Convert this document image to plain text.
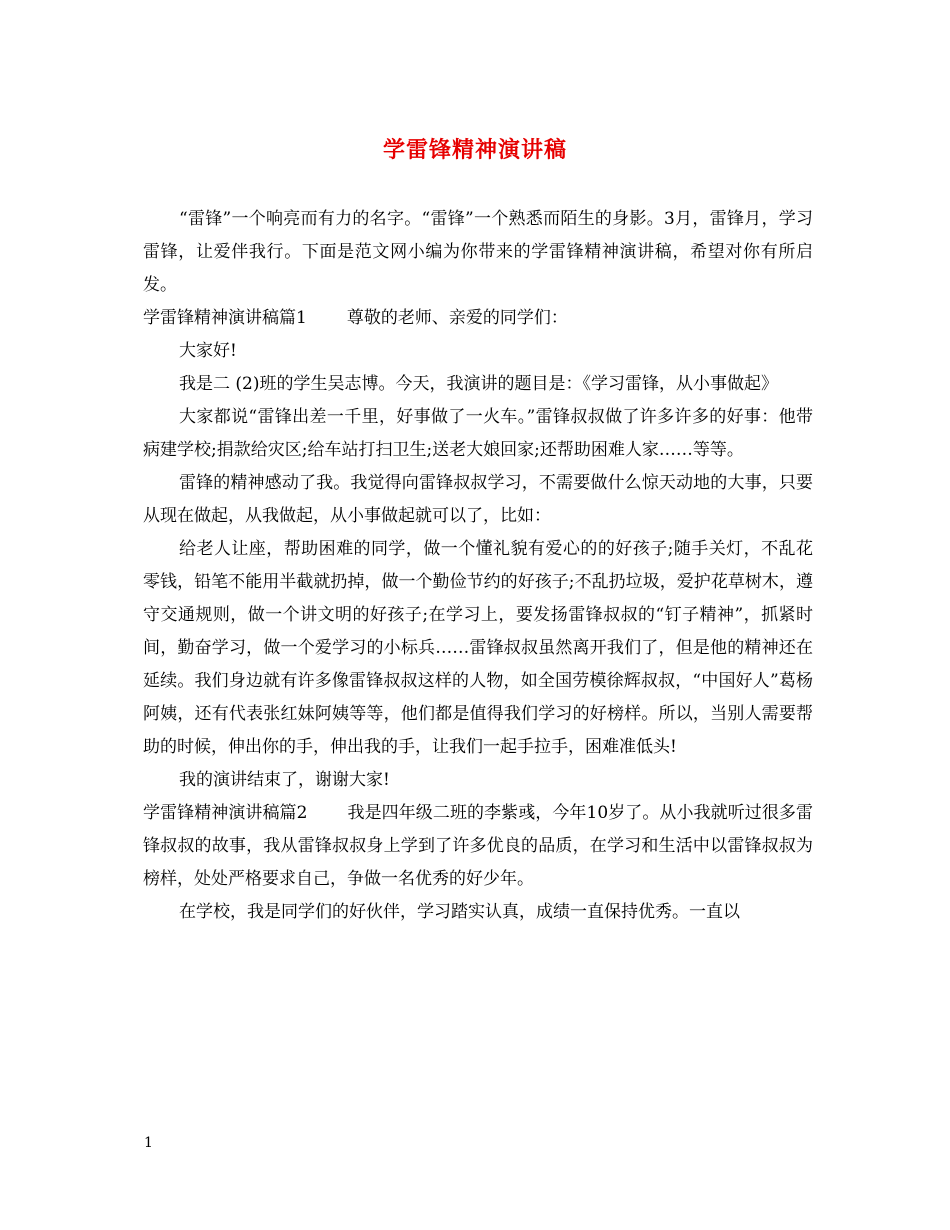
学雷锋精神演讲稿

“雷锋”一个响亮而有力的名字。“雷锋”一个熟悉而陌生的身影。3月，雷锋月，学习雷锋，让爱伴我行。下面是范文网小编为你带来的学雷锋精神演讲稿，希望对你有所启发。

学雷锋精神演讲稿篇1 尊敬的老师、亲爱的同学们：

大家好!

我是二 (2)班的学生吴志博。今天，我演讲的题目是：《学习雷锋，从小事做起》

大家都说“雷锋出差一千里，好事做了一火车。”雷锋叔叔做了许多许多的好事：他带病建学校;捐款给灾区;给车站打扫卫生;送老大娘回家;还帮助困难人家……等等。

雷锋的精神感动了我。我觉得向雷锋叔叔学习，不需要做什么惊天动地的大事，只要从现在做起，从我做起，从小事做起就可以了，比如：

给老人让座，帮助困难的同学，做一个懂礼貌有爱心的的好孩子;随手关灯，不乱花零钱，铅笔不能用半截就扔掉，做一个勤俭节约的好孩子;不乱扔垃圾，爱护花草树木，遵守交通规则，做一个讲文明的好孩子;在学习上，要发扬雷锋叔叔的“钉子精神”，抓紧时间，勤奋学习，做一个爱学习的小标兵……雷锋叔叔虽然离开我们了，但是他的精神还在延续。我们身边就有许多像雷锋叔叔这样的人物，如全国劳模徐辉叔叔，“中国好人”葛杨阿姨，还有代表张红妹阿姨等等，他们都是值得我们学习的好榜样。所以，当别人需要帮助的时候，伸出你的手，伸出我的手，让我们一起手拉手，困难准低头!

我的演讲结束了，谢谢大家!

学雷锋精神演讲稿篇2 我是四年级二班的李紫彧，今年10岁了。从小我就听过很多雷锋叔叔的故事，我从雷锋叔叔身上学到了许多优良的品质，在学习和生活中以雷锋叔叔为榜样，处处严格要求自己，争做一名优秀的好少年。

在学校，我是同学们的好伙伴，学习踏实认真，成绩一直保持优秀。一直以

1
